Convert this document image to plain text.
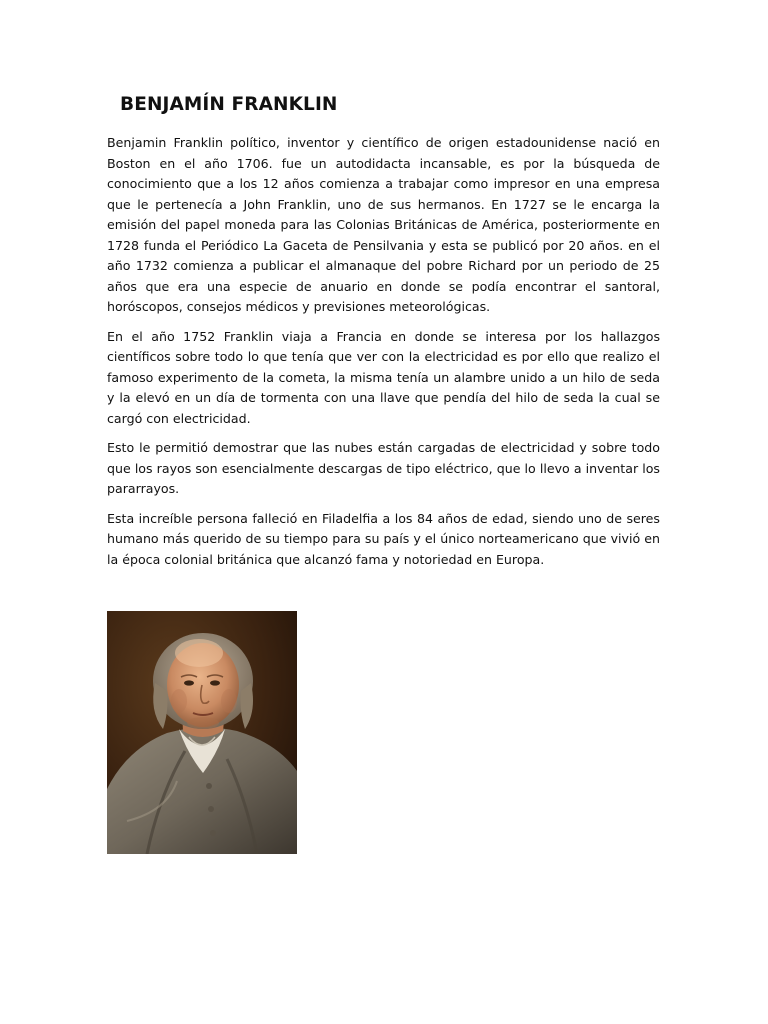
BENJAMÍN FRANKLIN

Benjamin Franklin político, inventor y científico de origen estadounidense nació en Boston en el año 1706. fue un autodidacta incansable, es por la búsqueda de conocimiento que a los 12 años comienza a trabajar como impresor en una empresa que le pertenecía a John Franklin, uno de sus hermanos. En 1727 se le encarga la emisión del papel moneda para las Colonias Británicas de América, posteriormente en 1728 funda el Periódico La Gaceta de Pensilvania y esta se publicó por 20 años. en el año 1732 comienza a publicar el almanaque del pobre Richard por un periodo de 25 años que era una especie de anuario en donde se podía encontrar el santoral, horóscopos, consejos médicos y previsiones meteorológicas.

En el año 1752 Franklin viaja a Francia en donde se interesa por los hallazgos científicos sobre todo lo que tenía que ver con la electricidad es por ello que realizo el famoso experimento de la cometa, la misma tenía un alambre unido a un hilo de seda y la elevó en un día de tormenta con una llave que pendía del hilo de seda la cual se cargó con electricidad.

Esto le permitió demostrar que las nubes están cargadas de electricidad y sobre todo que los rayos son esencialmente descargas de tipo eléctrico, que lo llevo a inventar los pararrayos.

Esta increíble persona falleció en Filadelfia a los 84 años de edad, siendo uno de seres humano más querido de su tiempo para su país y el único norteamericano que vivió en la época colonial británica que alcanzó fama y notoriedad en Europa.
